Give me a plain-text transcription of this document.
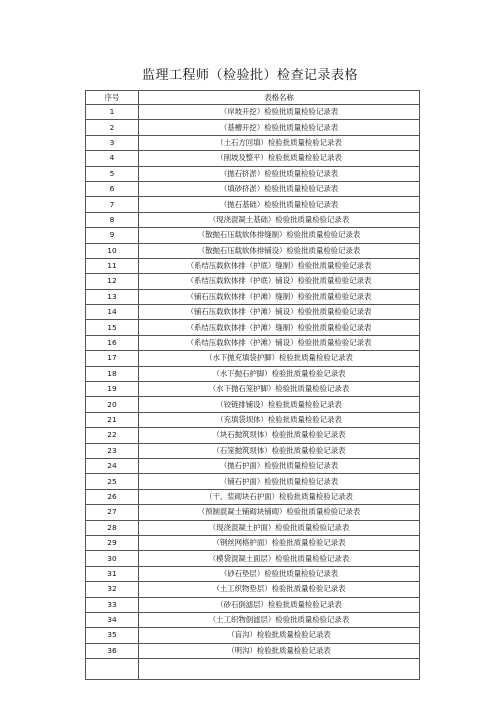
监理工程师（检验批）检查记录表格
序号	表格名称
1	（岸坡开挖）检验批质量检验记录表
2	（基槽开挖）检验批质量检验记录表
3	（土石方回填）检验批质量检验记录表
4	（削坡及整平）检验批质量检验记录表
5	（抛石挤淤）检验批质量检验记录表
6	（填砂挤淤）检验批质量检验记录表
7	（抛石基础）检验批质量检验记录表
8	（现浇混凝土基础）检验批质量检验记录表
9	（散抛石压载软体排缝制）检验批质量检验记录表
10	（散抛石压载软体排铺设）检验批质量检验记录表
11	（系结压载软体排（护底）缝制）检验批质量检验记录表
12	（系结压载软体排（护底）铺设）检验批质量检验记录表
13	（铺石压载软体排（护滩）缝制）检验批质量检验记录表
14	（铺石压载软体排（护滩）铺设）检验批质量检验记录表
15	（系结压载软体排（护滩）缝制）检验批质量检验记录表
16	（系结压载软体排（护滩）铺设）检验批质量检验记录表
17	（水下抛充填袋护脚）检验批质量检验记录表
18	（水下抛石护脚）检验批质量检验记录表
19	（水下抛石笼护脚）检验批质量检验记录表
20	（铰链排铺设）检验批质量检验记录表
21	（充填袋坝体）检验批质量检验记录表
22	（块石抛筑坝体）检验批质量检验记录表
23	（石笼抛筑坝体）检验批质量检验记录表
24	（抛石护面）检验批质量检验记录表
25	（铺石护面）检验批质量检验记录表
26	（干、浆砌块石护面）检验批质量检验记录表
27	（预制混凝土铺砌块铺砌）检验批质量检验记录表
28	（现浇混凝土护面）检验批质量检验记录表
29	（钢丝网格护面）检验批质量检验记录表
30	（模袋混凝土面层）检验批质量检验记录表
31	（砂石垫层）检验批质量检验记录表
32	（土工织物垫层）检验批质量检验记录表
33	（砂石倒滤层）检验批质量检验记录表
34	（土工织物倒滤层）检验批质量检验记录表
35	（盲沟）检验批质量检验记录表
36	（明沟）检验批质量检验记录表
